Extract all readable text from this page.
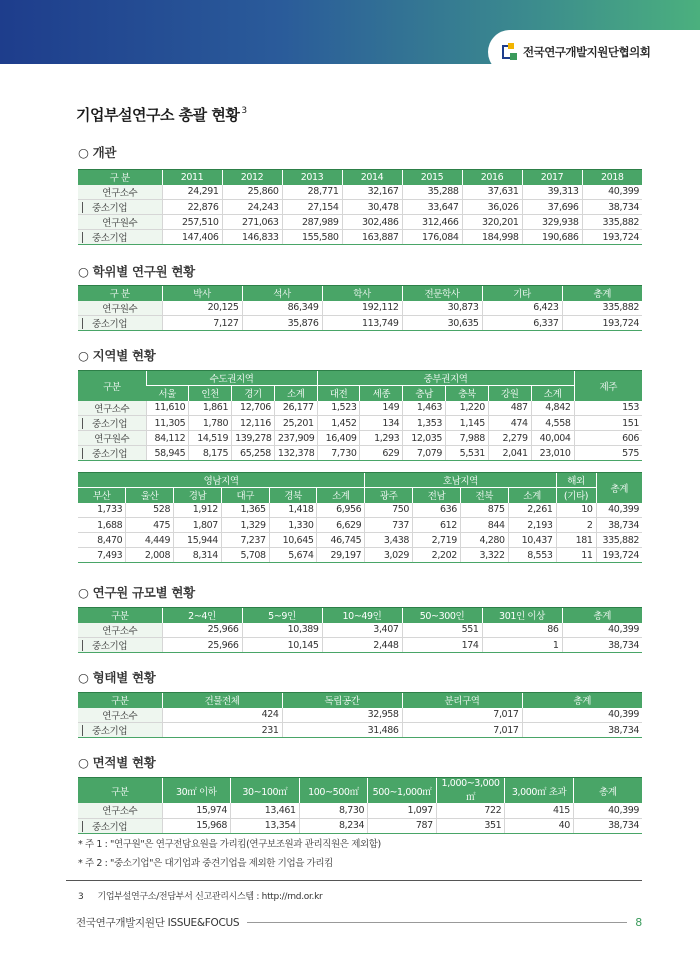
전국연구개발지원단협의회
기업부설연구소 총괄 현황 $^3$
○ 개관
구 분	2011	2012	2013	2014	2015	2016	2017	2018
연구소수	24,291	25,860	28,771	32,167	35,288	37,631	39,313	40,399
중소기업	22,876	24,243	27,154	30,478	33,647	36,026	37,696	38,734
연구원수	257,510	271,063	287,989	302,486	312,466	320,201	329,938	335,882
중소기업	147,406	146,833	155,580	163,887	176,084	184,998	190,686	193,724
○ 학위별 연구원 현황
구 분	박사	석사	학사	전문학사	기타	총계
연구원수	20,125	86,349	192,112	30,873	6,423	335,882
중소기업	7,127	35,876	113,749	30,635	6,337	193,724
○ 지역별 현황
구분	수도권지역				중부권지역						제주
	서울	인천	경기	소계	대전	세종	충남	충북	강원	소계	
연구소수	11,610	1,861	12,706	26,177	1,523	149	1,463	1,220	487	4,842	153
중소기업	11,305	1,780	12,116	25,201	1,452	134	1,353	1,145	474	4,558	151
연구원수	84,112	14,519	139,278	237,909	16,409	1,293	12,035	7,988	2,279	40,004	606
중소기업	58,945	8,175	65,258	132,378	7,730	629	7,079	5,531	2,041	23,010	575
영남지역						호남지역				해외	총계
부산	울산	경남	대구	경북	소계	광주	전남	전북	소계	(기타)	
1,733	528	1,912	1,365	1,418	6,956	750	636	875	2,261	10	40,399
1,688	475	1,807	1,329	1,330	6,629	737	612	844	2,193	2	38,734
8,470	4,449	15,944	7,237	10,645	46,745	3,438	2,719	4,280	10,437	181	335,882
7,493	2,008	8,314	5,708	5,674	29,197	3,029	2,202	3,322	8,553	11	193,724
○ 연구원 규모별 현황
구분	2~4인	5~9인	10~49인	50~300인	301인 이상	총계
연구소수	25,966	10,389	3,407	551	86	40,399
중소기업	25,966	10,145	2,448	174	1	38,734
○ 형태별 현황
구분	건물전체	독립공간	분리구역	총계
연구소수	424	32,958	7,017	40,399
중소기업	231	31,486	7,017	38,734
○ 면적별 현황
구분	30㎡ 이하	30~100㎡	100~500㎡	500~1,000㎡	1,000~3,000㎡	3,000㎡ 초과	총계
연구소수	15,974	13,461	8,730	1,097	722	415	40,399
중소기업	15,968	13,354	8,234	787	351	40	38,734
* 주 1 : "연구원"은 연구전담요원을 가리킴(연구보조원과 관리직원은 제외함)
* 주 2 : "중소기업"은 대기업과 중견기업을 제외한 기업을 가리킴
3 기업부설연구소/전담부서 신고관리시스템 : http://rnd.or.kr
전국연구개발지원단 ISSUE&FOCUS	8
